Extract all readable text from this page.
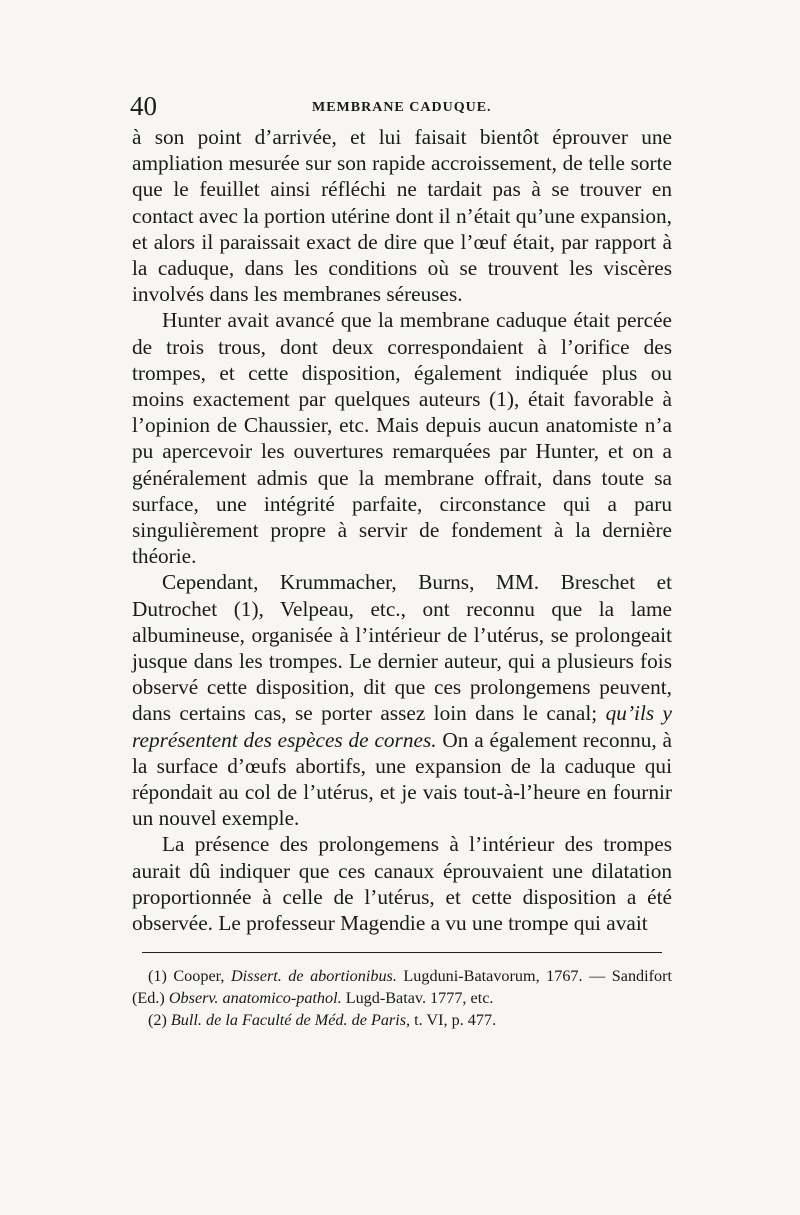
40	MEMBRANE CADUQUE.

à son point d’arrivée, et lui faisait bientôt éprouver une ampliation mesurée sur son rapide accroissement, de telle sorte que le feuillet ainsi réfléchi ne tardait pas à se trouver en contact avec la portion utérine dont il n’était qu’une expansion, et alors il paraissait exact de dire que l’œuf était, par rapport à la caduque, dans les conditions où se trouvent les viscères involvés dans les membranes séreuses.

Hunter avait avancé que la membrane caduque était percée de trois trous, dont deux correspondaient à l’orifice des trompes, et cette disposition, également indiquée plus ou moins exactement par quelques auteurs (1), était favorable à l’opinion de Chaussier, etc. Mais depuis aucun anatomiste n’a pu apercevoir les ouvertures remarquées par Hunter, et on a généralement admis que la membrane offrait, dans toute sa surface, une intégrité parfaite, circonstance qui a paru singulièrement propre à servir de fondement à la dernière théorie.

Cependant, Krummacher, Burns, MM. Breschet et Dutrochet (1), Velpeau, etc., ont reconnu que la lame albumineuse, organisée à l’intérieur de l’utérus, se prolongeait jusque dans les trompes. Le dernier auteur, qui a plusieurs fois observé cette disposition, dit que ces prolongemens peuvent, dans certains cas, se porter assez loin dans le canal; qu’ils y représentent des espèces de cornes. On a également reconnu, à la surface d’œufs abortifs, une expansion de la caduque qui répondait au col de l’utérus, et je vais tout-à-l’heure en fournir un nouvel exemple.

La présence des prolongemens à l’intérieur des trompes aurait dû indiquer que ces canaux éprouvaient une dilatation proportionnée à celle de l’utérus, et cette disposition a été observée. Le professeur Magendie a vu une trompe qui avait

(1) Cooper, Dissert. de abortionibus. Lugduni-Batavorum, 1767. — Sandifort (Ed.) Observ. anatomico-pathol. Lugd-Batav. 1777, etc.

(2) Bull. de la Faculté de Méd. de Paris, t. VI, p. 477.
